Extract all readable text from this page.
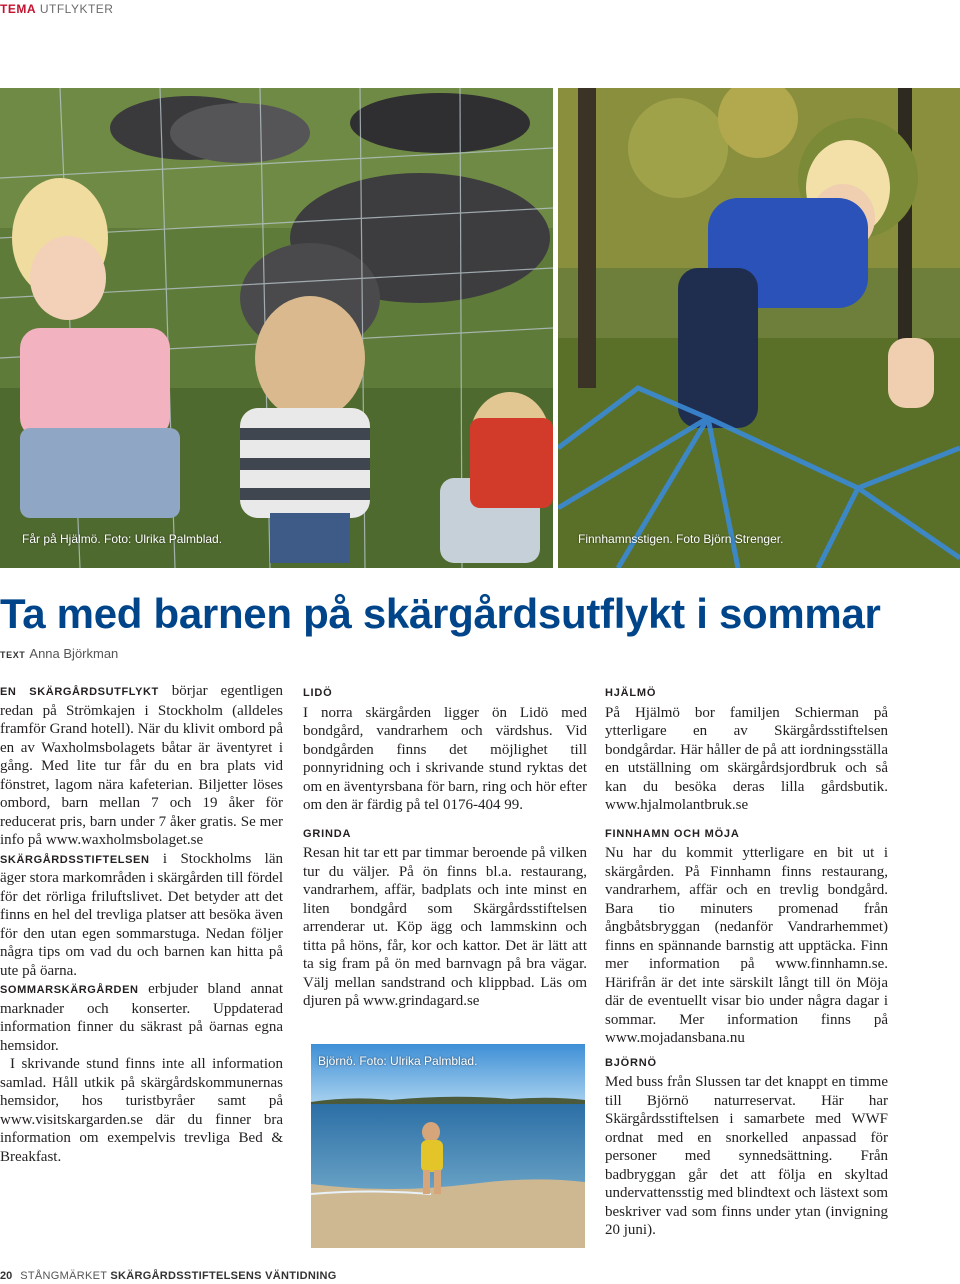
TEMA UTFLYKTER
Får på Hjälmö. Foto: Ulrika Palmblad.	Finnhamnsstigen. Foto Björn Strenger.
Ta med barnen på skärgårdsutflykt i sommar
TEXT Anna Björkman

EN SKÄRGÅRDSUTFLYKT börjar egentligen redan på Strömkajen i Stockholm (alldeles framför Grand hotell). När du klivit ombord på en av Waxholmsbolagets båtar är äventyret i gång. Med lite tur får du en bra plats vid fönstret, lagom nära kafeterian. Biljetter löses ombord, barn mellan 7 och 19 åker för reducerat pris, barn under 7 åker gratis. Se mer info på www.waxholmsbolaget.se

SKÄRGÅRDSSTIFTELSEN i Stockholms län äger stora markområden i skärgården till fördel för det rörliga friluftslivet. Det betyder att det finns en hel del trevliga platser att besöka även för den utan egen sommarstuga. Nedan följer några tips om vad du och barnen kan hitta på ute på öarna.

SOMMARSKÄRGÅRDEN erbjuder bland annat marknader och konserter. Uppdaterad information finner du säkrast på öarnas egna hemsidor.

I skrivande stund finns inte all information samlad. Håll utkik på skärgårdskommunernas hemsidor, hos turistbyråer samt på www.visitskargarden.se där du finner bra information om exempelvis trevliga Bed & Breakfast.

LIDÖ

I norra skärgården ligger ön Lidö med bondgård, vandrarhem och värdshus. Vid bondgården finns det möjlighet till ponnyridning och i skrivande stund ryktas det om en äventyrsbana för barn, ring och hör efter om den är färdig på tel 0176-404 99.

GRINDA

Resan hit tar ett par timmar beroende på vilken tur du väljer. På ön finns bl.a. restaurang, vandrarhem, affär, badplats och inte minst en liten bondgård som Skärgårdsstiftelsen arrenderar ut. Köp ägg och lammskinn och titta på höns, får, kor och kattor. Det är lätt att ta sig fram på ön med barnvagn på bra vägar. Välj mellan sandstrand och klippbad. Läs om djuren på www.grindagard.se

Björnö. Foto: Ulrika Palmblad.
HJÄLMÖ

På Hjälmö bor familjen Schierman på ytterligare en av Skärgårdsstiftelsen bondgårdar. Här håller de på att iordningsställa en utställning om skärgårdsjordbruk och så kan du besöka deras lilla gårdsbutik. www.hjalmolantbruk.se

FINNHAMN OCH MÖJA

Nu har du kommit ytterligare en bit ut i skärgården. På Finnhamn finns restaurang, vandrarhem, affär och en trevlig bondgård. Bara tio minuters promenad från ångbåtsbryggan (nedanför Vandrarhemmet) finns en spännande barnstig att upptäcka. Finn mer information på www.finnhamn.se. Härifrån är det inte särskilt långt till ön Möja där de eventuellt visar bio under några dagar i sommar. Mer information finns på www.mojadansbana.nu

BJÖRNÖ

Med buss från Slussen tar det knappt en timme till Björnö naturreservat. Här har Skärgårdsstiftelsen i samarbete med WWF ordnat med en snorkelled anpassad för personer med synnedsättning. Från badbryggan går det att följa en skyltad undervattensstig med blindtext och lästext som beskriver vad som finns under ytan (invigning 20 juni).

20 STÅNGMÄRKET SKÄRGÅRDSSTIFTELSENS VÄNTIDNING
